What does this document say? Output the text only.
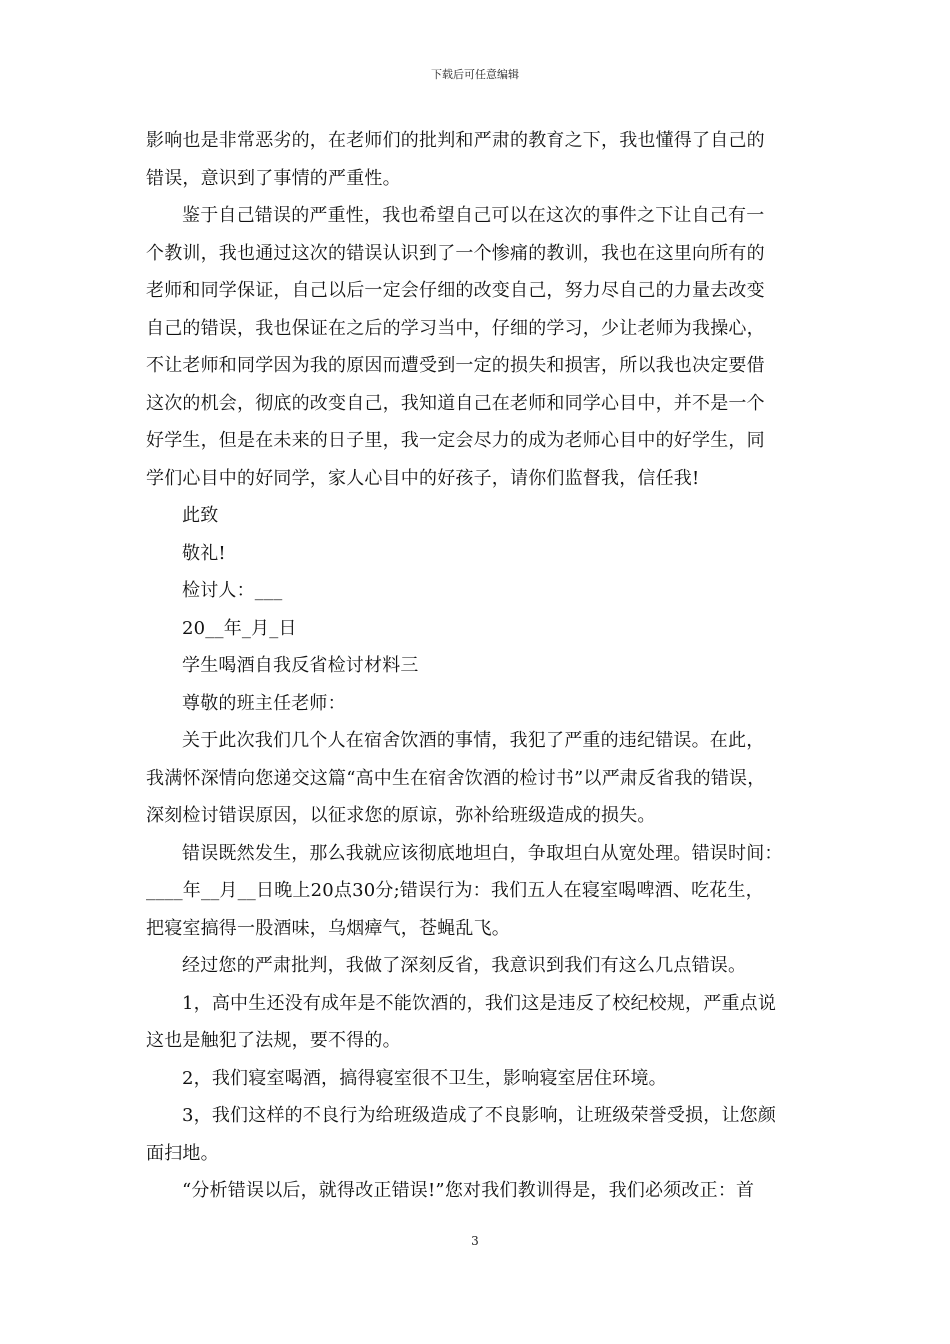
下载后可任意编辑
影响也是非常恶劣的，在老师们的批判和严肃的教育之下，我也懂得了自己的
错误，意识到了事情的严重性。
鉴于自己错误的严重性，我也希望自己可以在这次的事件之下让自己有一
个教训，我也通过这次的错误认识到了一个惨痛的教训，我也在这里向所有的
老师和同学保证，自己以后一定会仔细的改变自己，努力尽自己的力量去改变
自己的错误，我也保证在之后的学习当中，仔细的学习，少让老师为我操心，
不让老师和同学因为我的原因而遭受到一定的损失和损害，所以我也决定要借
这次的机会，彻底的改变自己，我知道自己在老师和同学心目中，并不是一个
好学生，但是在未来的日子里，我一定会尽力的成为老师心目中的好学生，同
学们心目中的好同学，家人心目中的好孩子，请你们监督我，信任我!
此致
敬礼!
检讨人：___
20__年_月_日
学生喝酒自我反省检讨材料三
尊敬的班主任老师：
关于此次我们几个人在宿舍饮酒的事情，我犯了严重的违纪错误。在此，
我满怀深情向您递交这篇“高中生在宿舍饮酒的检讨书”以严肃反省我的错误，
深刻检讨错误原因，以征求您的原谅，弥补给班级造成的损失。
错误既然发生，那么我就应该彻底地坦白，争取坦白从宽处理。错误时间：
____年__月__日晚上20点30分;错误行为：我们五人在寝室喝啤酒、吃花生，
把寝室搞得一股酒味，乌烟瘴气，苍蝇乱飞。
经过您的严肃批判，我做了深刻反省，我意识到我们有这么几点错误。
1，高中生还没有成年是不能饮酒的，我们这是违反了校纪校规，严重点说
这也是触犯了法规，要不得的。
2，我们寝室喝酒，搞得寝室很不卫生，影响寝室居住环境。
3，我们这样的不良行为给班级造成了不良影响，让班级荣誉受损，让您颜
面扫地。
“分析错误以后，就得改正错误!”您对我们教训得是，我们必须改正：首
3
